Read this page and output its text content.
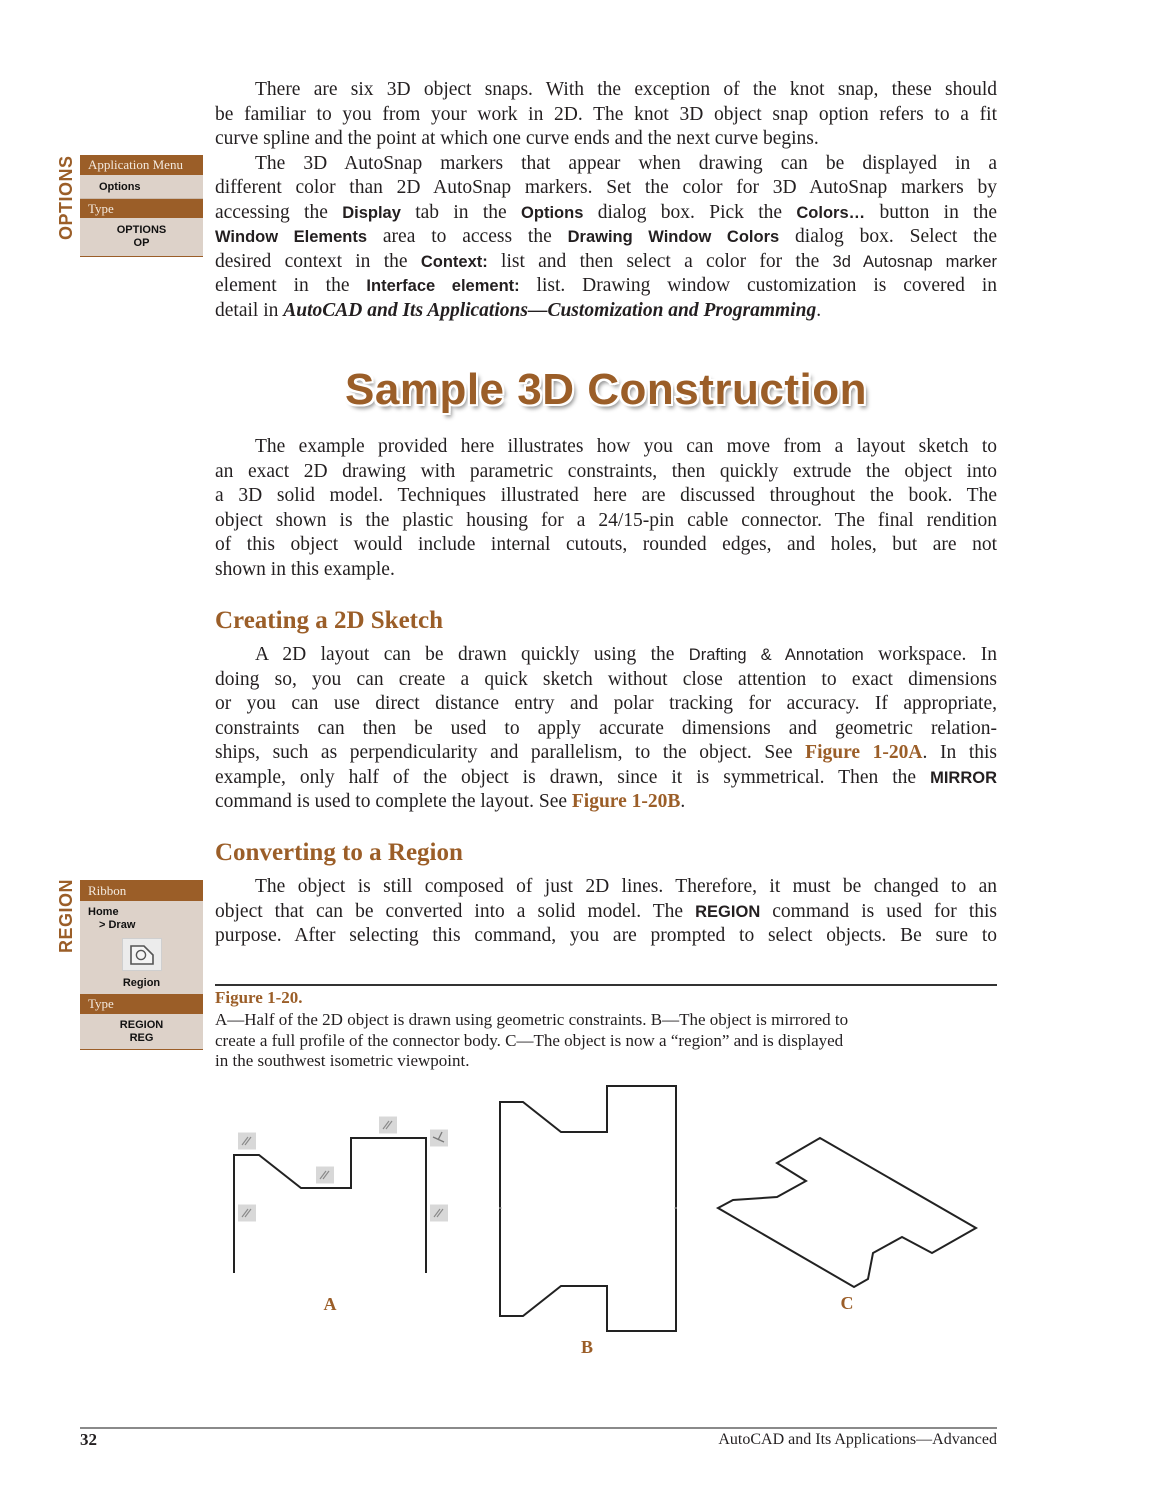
OPTIONS Application Menu
Options
Type
OPTIONS
OP
REGION Ribbon
Home
> Draw
Region
Type
REGION
REG
There are six 3D object snaps. With the exception of the knot snap, these should
be familiar to you from your work in 2D. The knot 3D object snap option refers to a fit
curve spline and the point at which one curve ends and the next curve begins.
The 3D AutoSnap markers that appear when drawing can be displayed in a
different color than 2D AutoSnap markers. Set the color for 3D AutoSnap markers by
accessing the Display tab in the Options dialog box. Pick the Colors… button in the
Window Elements area to access the Drawing Window Colors dialog box. Select the
desired context in the Context: list and then select a color for the 3d Autosnap marker
element in the Interface element: list. Drawing window customization is covered in
detail in AutoCAD and Its Applications—Customization and Programming.
Sample 3D Construction
The example provided here illustrates how you can move from a layout sketch to
an exact 2D drawing with parametric constraints, then quickly extrude the object into
a 3D solid model. Techniques illustrated here are discussed throughout the book. The
object shown is the plastic housing for a 24/15-pin cable connector. The final rendition
of this object would include internal cutouts, rounded edges, and holes, but are not
shown in this example.
Creating a 2D Sketch
A 2D layout can be drawn quickly using the Drafting & Annotation workspace. In
doing so, you can create a quick sketch without close attention to exact dimensions
or you can use direct distance entry and polar tracking for accuracy. If appropriate,
constraints can then be used to apply accurate dimensions and geometric relation-
ships, such as perpendicularity and parallelism, to the object. See Figure 1-20A. In this
example, only half of the object is drawn, since it is symmetrical. Then the MIRROR
command is used to complete the layout. See Figure 1-20B.
Converting to a Region
The object is still composed of just 2D lines. Therefore, it must be changed to an
object that can be converted into a solid model. The REGION command is used for this
purpose. After selecting this command, you are prompted to select objects. Be sure to
Figure 1-20.
A—Half of the 2D object is drawn using geometric constraints. B—The object is mirrored to
create a full profile of the connector body. C—The object is now a “region” and is displayed
in the southwest isometric viewpoint.
A
B
C
32	AutoCAD and Its Applications—Advanced
